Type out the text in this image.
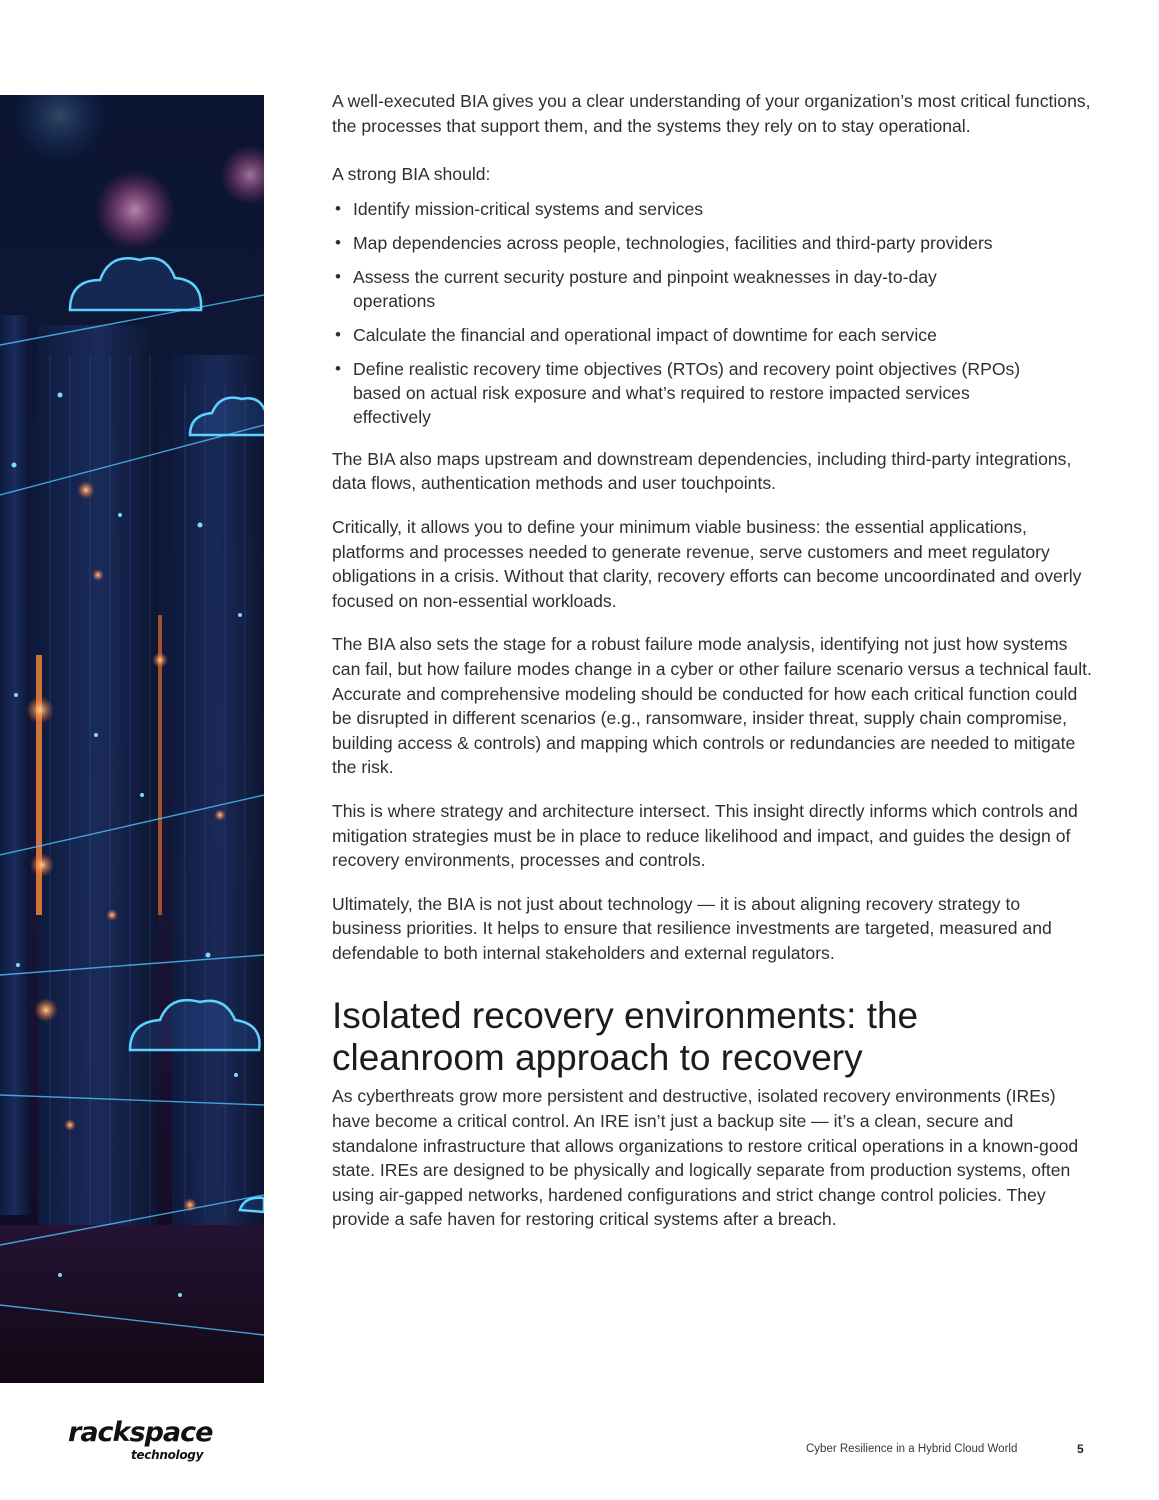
A well-executed BIA gives you a clear understanding of your organization’s most critical functions, the processes that support them, and the systems they rely on to stay operational.

A strong BIA should:

• Identify mission-critical systems and services
• Map dependencies across people, technologies, facilities and third-party providers
• Assess the current security posture and pinpoint weaknesses in day-to-day operations
• Calculate the financial and operational impact of downtime for each service
• Define realistic recovery time objectives (RTOs) and recovery point objectives (RPOs) based on actual risk exposure and what’s required to restore impacted services effectively

The BIA also maps upstream and downstream dependencies, including third-party integrations, data flows, authentication methods and user touchpoints.

Critically, it allows you to define your minimum viable business: the essential applications, platforms and processes needed to generate revenue, serve customers and meet regulatory obligations in a crisis. Without that clarity, recovery efforts can become uncoordinated and overly focused on non-essential workloads.

The BIA also sets the stage for a robust failure mode analysis, identifying not just how systems can fail, but how failure modes change in a cyber or other failure scenario versus a technical fault. Accurate and comprehensive modeling should be conducted for how each critical function could be disrupted in different scenarios (e.g., ransomware, insider threat, supply chain compromise, building access & controls) and mapping which controls or redundancies are needed to mitigate the risk.

This is where strategy and architecture intersect. This insight directly informs which controls and mitigation strategies must be in place to reduce likelihood and impact, and guides the design of recovery environments, processes and controls.

Ultimately, the BIA is not just about technology — it is about aligning recovery strategy to business priorities. It helps to ensure that resilience investments are targeted, measured and defendable to both internal stakeholders and external regulators.

Isolated recovery environments: the cleanroom approach to recovery

As cyberthreats grow more persistent and destructive, isolated recovery environments (IREs) have become a critical control. An IRE isn’t just a backup site — it’s a clean, secure and standalone infrastructure that allows organizations to restore critical operations in a known-good state. IREs are designed to be physically and logically separate from production systems, often using air-gapped networks, hardened configurations and strict change control policies. They provide a safe haven for restoring critical systems after a breach.

rackspace
technology	Cyber Resilience in a Hybrid Cloud World	5
